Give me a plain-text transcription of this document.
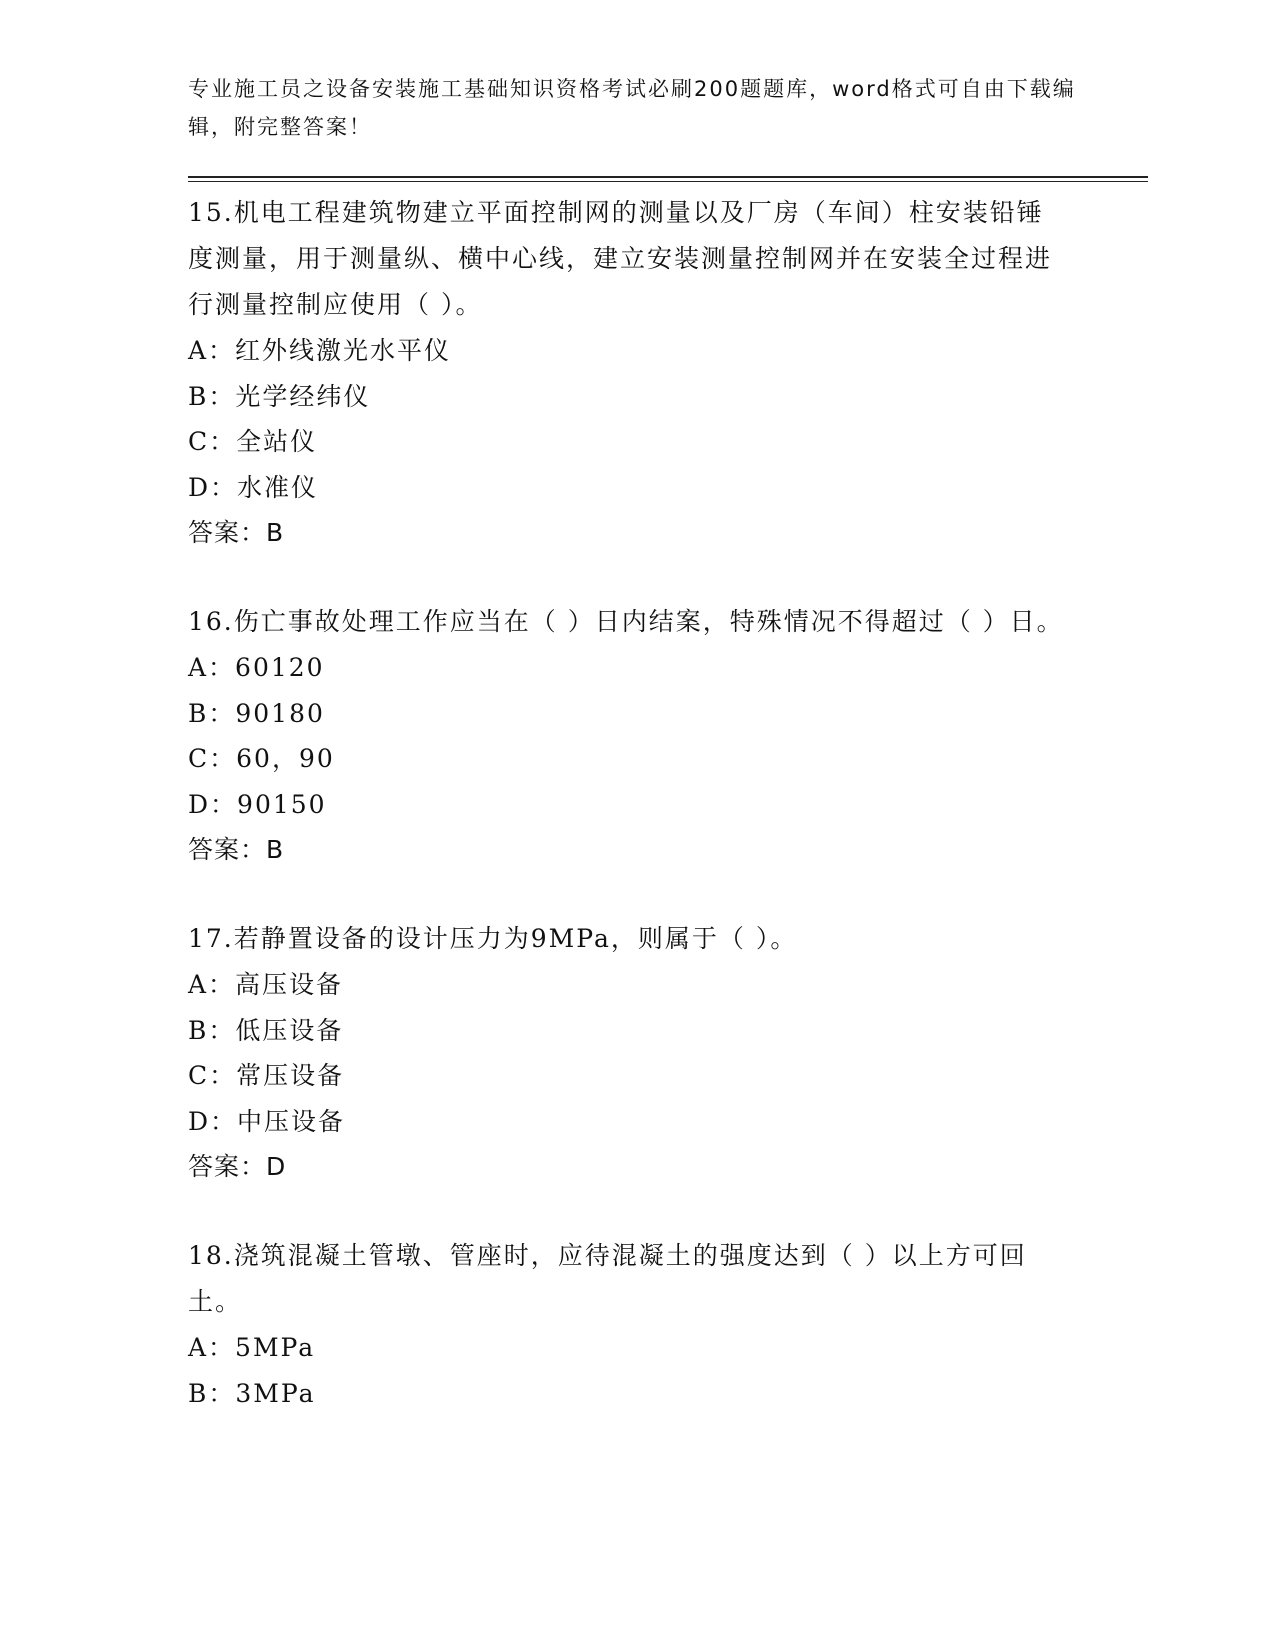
专业施工员之设备安装施工基础知识资格考试必刷200题题库，word格式可自由下载编辑，附完整答案！
15.机电工程建筑物建立平面控制网的测量以及厂房（车间）柱安装铅锤度测量，用于测量纵、横中心线，建立安装测量控制网并在安装全过程进行测量控制应使用（ ）。
A：红外线激光水平仪
B：光学经纬仪
C：全站仪
D：水准仪
答案：B
16.伤亡事故处理工作应当在（ ）日内结案，特殊情况不得超过（ ）日。
A：60120
B：90180
C：60，90
D：90150
答案：B
17.若静置设备的设计压力为9MPa，则属于（ ）。
A：高压设备
B：低压设备
C：常压设备
D：中压设备
答案：D
18.浇筑混凝土管墩、管座时，应待混凝土的强度达到（ ）以上方可回土。
A：5MPa
B：3MPa
